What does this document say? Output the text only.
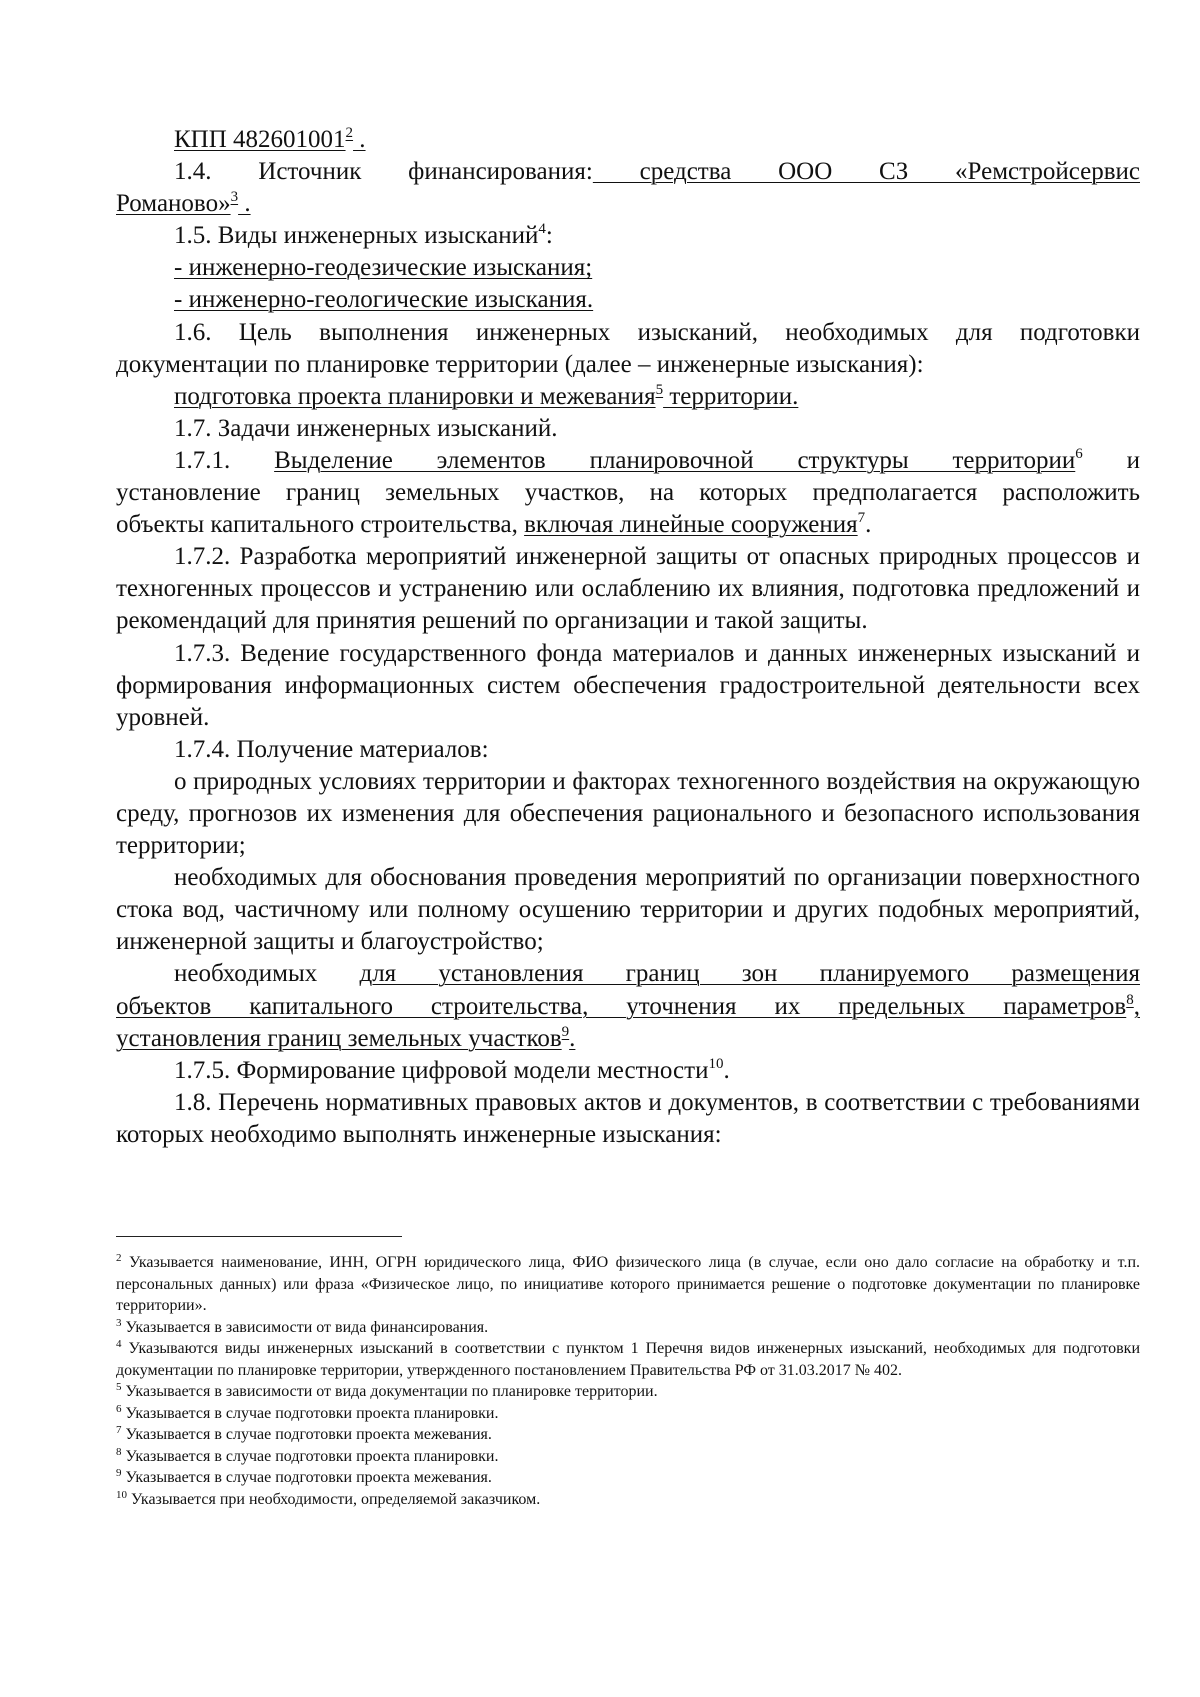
КПП 482601001$^2$ .

1.4. Источник финансирования: средства ООО СЗ «Ремстройсервис

Романово»$^3$ .

1.5. Виды инженерных изысканий$^4$:

- инженерно-геодезические изыскания;

- инженерно-геологические изыскания.

1.6. Цель выполнения инженерных изысканий, необходимых для подготовки

документации по планировке территории (далее – инженерные изыскания):

подготовка проекта планировки и межевания$^5$ территории.

1.7. Задачи инженерных изысканий.

1.7.1. Выделение элементов планировочной структуры территории$^6$ и

установление границ земельных участков, на которых предполагается расположить

объекты капитального строительства, включая линейные сооружения$^7$.

1.7.2. Разработка мероприятий инженерной защиты от опасных природных процессов и техногенных процессов и устранению или ослаблению их влияния, подготовка предложений и рекомендаций для принятия решений по организации и такой защиты.

1.7.3. Ведение государственного фонда материалов и данных инженерных изысканий и формирования информационных систем обеспечения градостроительной деятельности всех уровней.

1.7.4. Получение материалов:

о природных условиях территории и факторах техногенного воздействия на окружающую среду, прогнозов их изменения для обеспечения рационального и безопасного использования территории;

необходимых для обоснования проведения мероприятий по организации поверхностного стока вод, частичному или полному осушению территории и других подобных мероприятий, инженерной защиты и благоустройство;

необходимых для установления границ зон планируемого размещения

объектов капитального строительства, уточнения их предельных параметров$^8$,

установления границ земельных участков$^9$.

1.7.5. Формирование цифровой модели местности$^{10}$.

1.8. Перечень нормативных правовых актов и документов, в соответствии с требованиями которых необходимо выполнять инженерные изыскания:

$^2$ Указывается наименование, ИНН, ОГРН юридического лица, ФИО физического лица (в случае, если оно дало согласие на обработку и т.п. персональных данных) или фраза «Физическое лицо, по инициативе которого принимается решение о подготовке документации по планировке территории».

$^3$ Указывается в зависимости от вида финансирования.

$^4$ Указываются виды инженерных изысканий в соответствии с пунктом 1 Перечня видов инженерных изысканий, необходимых для подготовки документации по планировке территории, утвержденного постановлением Правительства РФ от 31.03.2017 № 402.

$^5$ Указывается в зависимости от вида документации по планировке территории.

$^6$ Указывается в случае подготовки проекта планировки.

$^7$ Указывается в случае подготовки проекта межевания.

$^8$ Указывается в случае подготовки проекта планировки.

$^9$ Указывается в случае подготовки проекта межевания.

$^{10}$ Указывается при необходимости, определяемой заказчиком.
